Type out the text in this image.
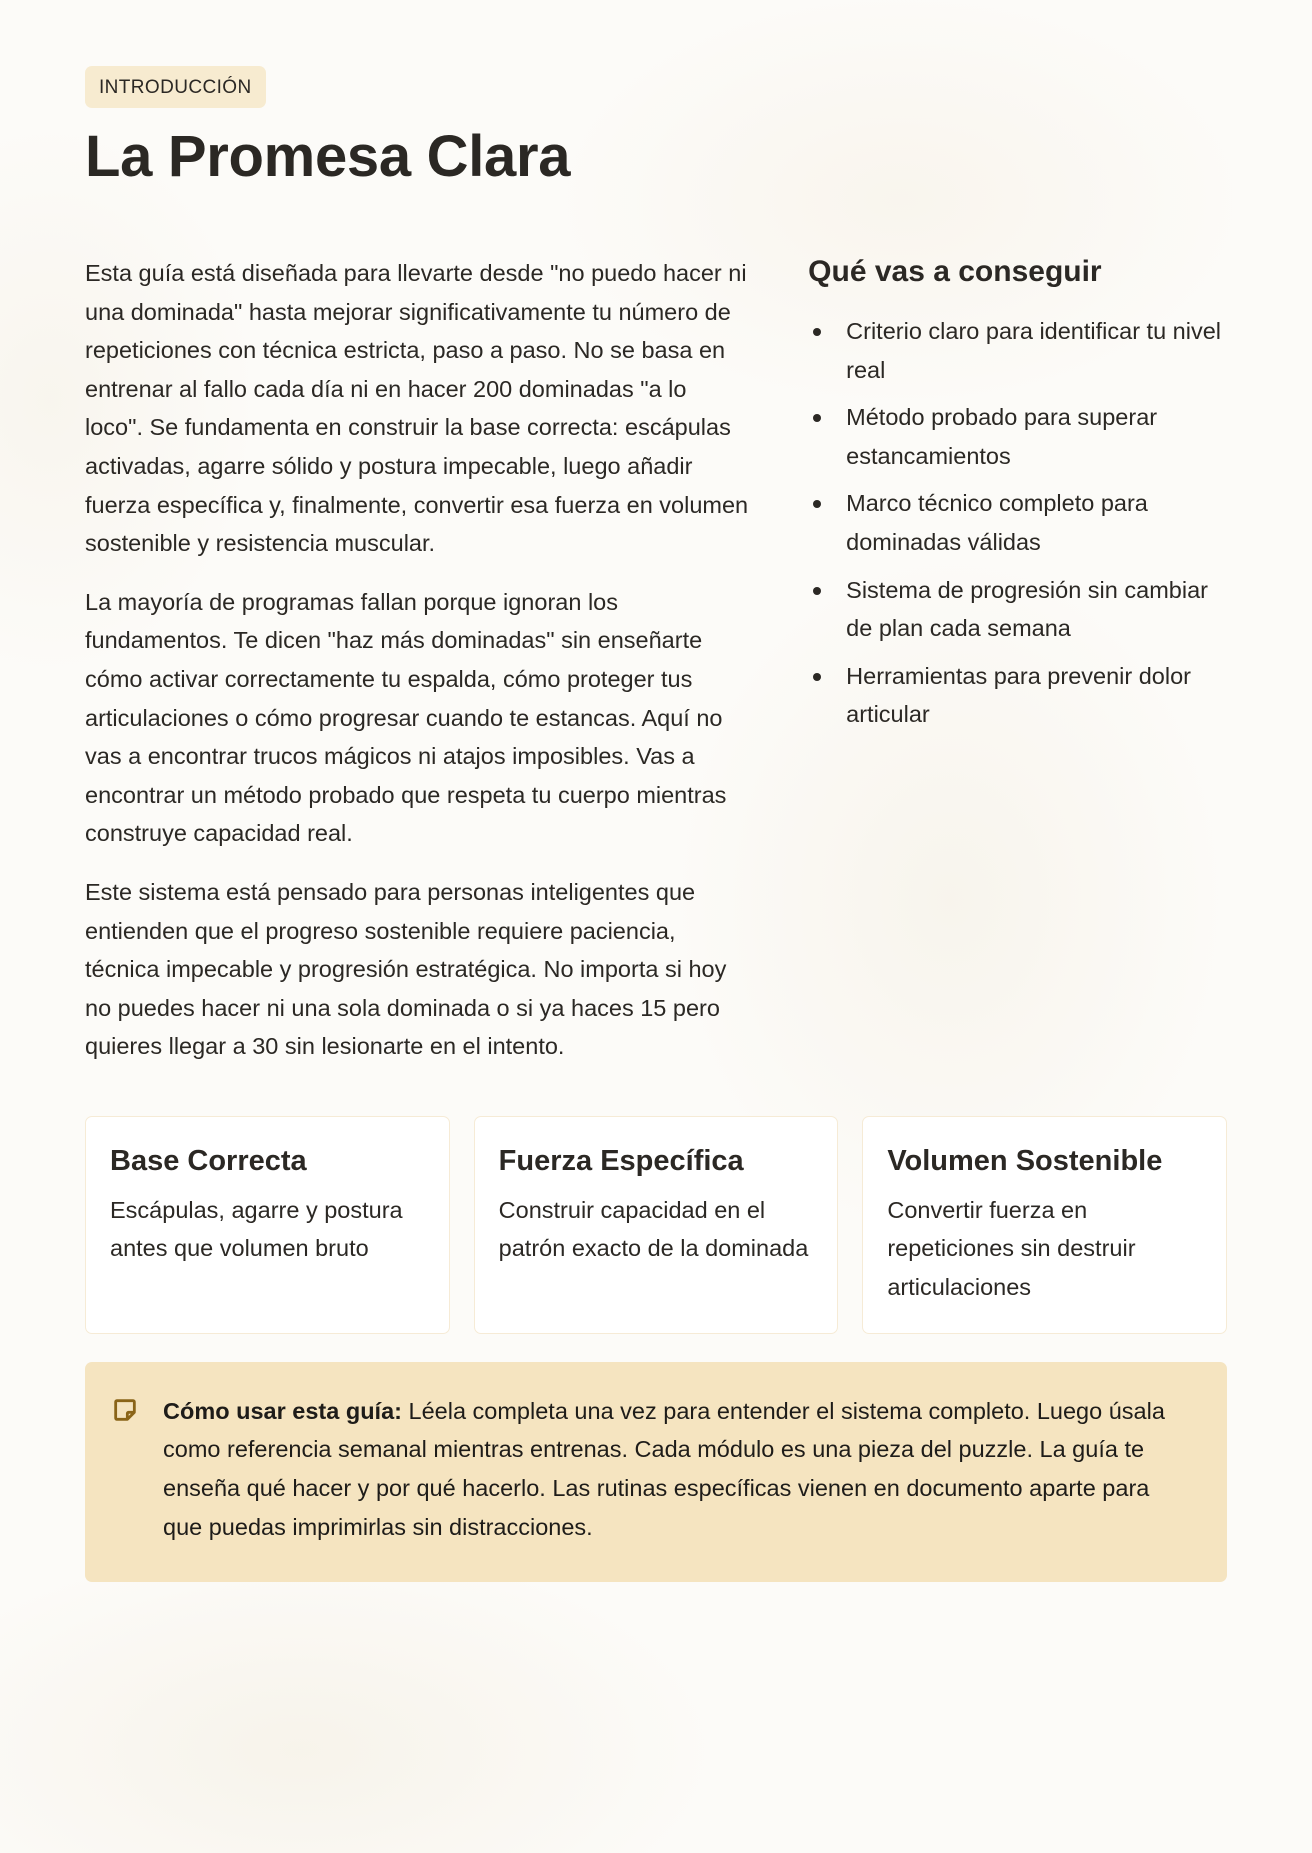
INTRODUCCIÓN
La Promesa Clara

Esta guía está diseñada para llevarte desde "no puedo hacer ni una dominada" hasta mejorar significativamente tu número de repeticiones con técnica estricta, paso a paso. No se basa en entrenar al fallo cada día ni en hacer 200 dominadas "a lo loco". Se fundamenta en construir la base correcta: escápulas activadas, agarre sólido y postura impecable, luego añadir fuerza específica y, finalmente, convertir esa fuerza en volumen sostenible y resistencia muscular.

La mayoría de programas fallan porque ignoran los fundamentos. Te dicen "haz más dominadas" sin enseñarte cómo activar correctamente tu espalda, cómo proteger tus articulaciones o cómo progresar cuando te estancas. Aquí no vas a encontrar trucos mágicos ni atajos imposibles. Vas a encontrar un método probado que respeta tu cuerpo mientras construye capacidad real.

Este sistema está pensado para personas inteligentes que entienden que el progreso sostenible requiere paciencia, técnica impecable y progresión estratégica. No importa si hoy no puedes hacer ni una sola dominada o si ya haces 15 pero quieres llegar a 30 sin lesionarte en el intento.

Qué vas a conseguir
Criterio claro para identificar tu nivel real
Método probado para superar estancamientos
Marco técnico completo para dominadas válidas
Sistema de progresión sin cambiar de plan cada semana
Herramientas para prevenir dolor articular
Base Correcta

Escápulas, agarre y postura antes que volumen bruto

Fuerza Específica

Construir capacidad en el patrón exacto de la dominada

Volumen Sostenible

Convertir fuerza en repeticiones sin destruir articulaciones

Cómo usar esta guía: Léela completa una vez para entender el sistema completo. Luego úsala como referencia semanal mientras entrenas. Cada módulo es una pieza del puzzle. La guía te enseña qué hacer y por qué hacerlo. Las rutinas específicas vienen en documento aparte para que puedas imprimirlas sin distracciones.
